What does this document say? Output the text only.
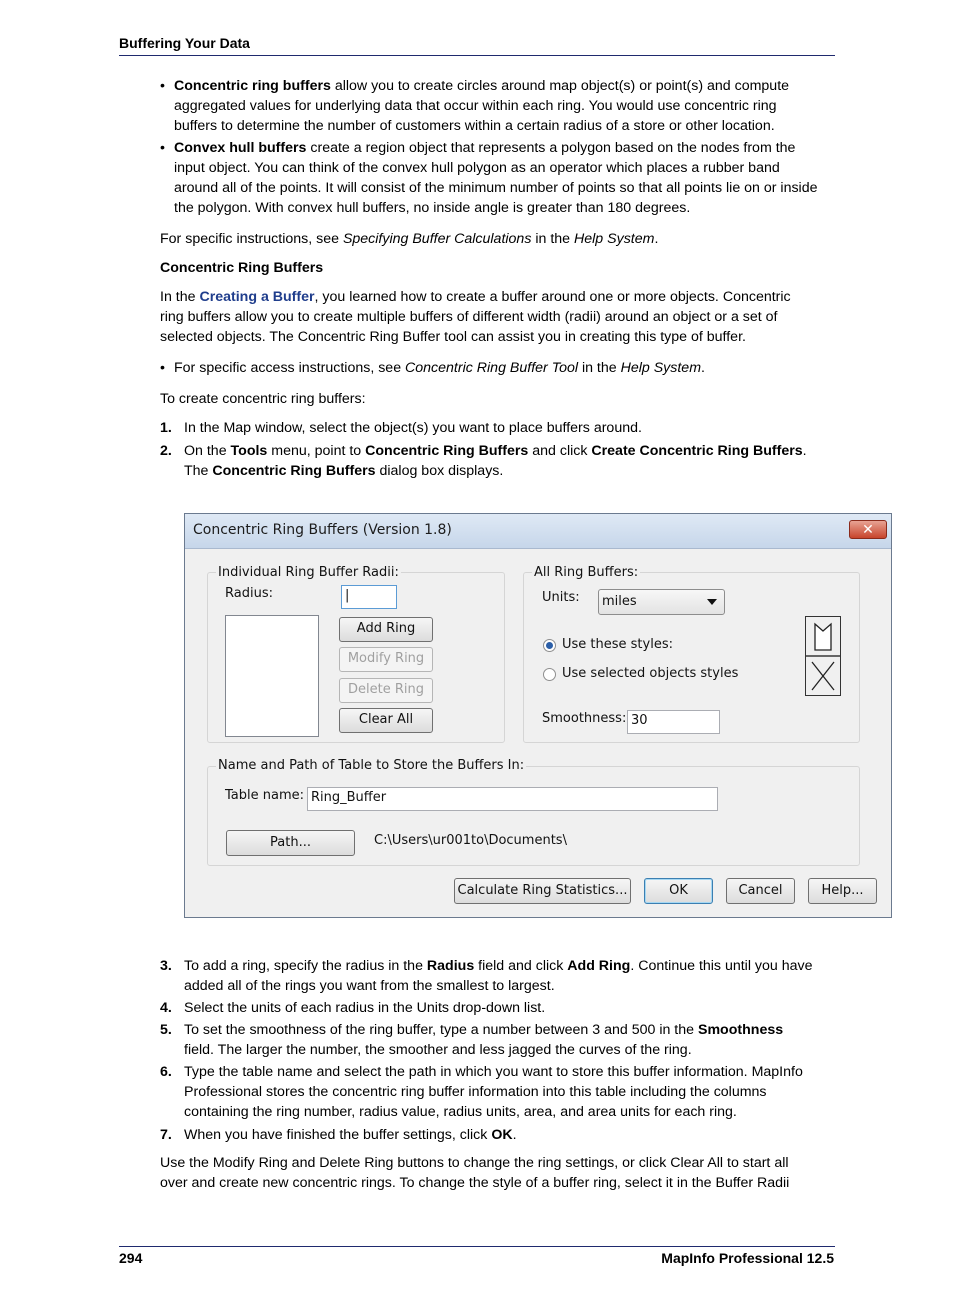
Buffering Your Data
• Concentric ring buffers allow you to create circles around map object(s) or point(s) and compute
aggregated values for underlying data that occur within each ring. You would use concentric ring
buffers to determine the number of customers within a certain radius of a store or other location.
• Convex hull buffers create a region object that represents a polygon based on the nodes from the
input object. You can think of the convex hull polygon as an operator which places a rubber band
around all of the points. It will consist of the minimum number of points so that all points lie on or inside
the polygon. With convex hull buffers, no inside angle is greater than 180 degrees.
For specific instructions, see Specifying Buffer Calculations in the Help System.
Concentric Ring Buffers
In the Creating a Buffer, you learned how to create a buffer around one or more objects. Concentric
ring buffers allow you to create multiple buffers of different width (radii) around an object or a set of
selected objects. The Concentric Ring Buffer tool can assist you in creating this type of buffer.
• For specific access instructions, see Concentric Ring Buffer Tool in the Help System.
To create concentric ring buffers:
1. In the Map window, select the object(s) you want to place buffers around.
2. On the Tools menu, point to Concentric Ring Buffers and click Create Concentric Ring Buffers.
The Concentric Ring Buffers dialog box displays.
Concentric Ring Buffers (Version 1.8)	✕
Individual Ring Buffer Radii:
Radius:	|
Add Ring
Modify Ring
Delete Ring
Clear All
All Ring Buffers:
Units:	miles
Use these styles:
Use selected objects styles
Smoothness: 30
Name and Path of Table to Store the Buffers In:
Table name: Ring_Buffer
Path...	C:\Users\ur001to\Documents\
Calculate Ring Statistics...	OK	Cancel	Help...
3. To add a ring, specify the radius in the Radius field and click Add Ring. Continue this until you have
added all of the rings you want from the smallest to largest.
4. Select the units of each radius in the Units drop-down list.
5. To set the smoothness of the ring buffer, type a number between 3 and 500 in the Smoothness
field. The larger the number, the smoother and less jagged the curves of the ring.
6. Type the table name and select the path in which you want to store this buffer information. MapInfo
Professional stores the concentric ring buffer information into this table including the columns
containing the ring number, radius value, radius units, area, and area units for each ring.
7. When you have finished the buffer settings, click OK.
Use the Modify Ring and Delete Ring buttons to change the ring settings, or click Clear All to start all
over and create new concentric rings. To change the style of a buffer ring, select it in the Buffer Radii
294	MapInfo Professional 12.5
